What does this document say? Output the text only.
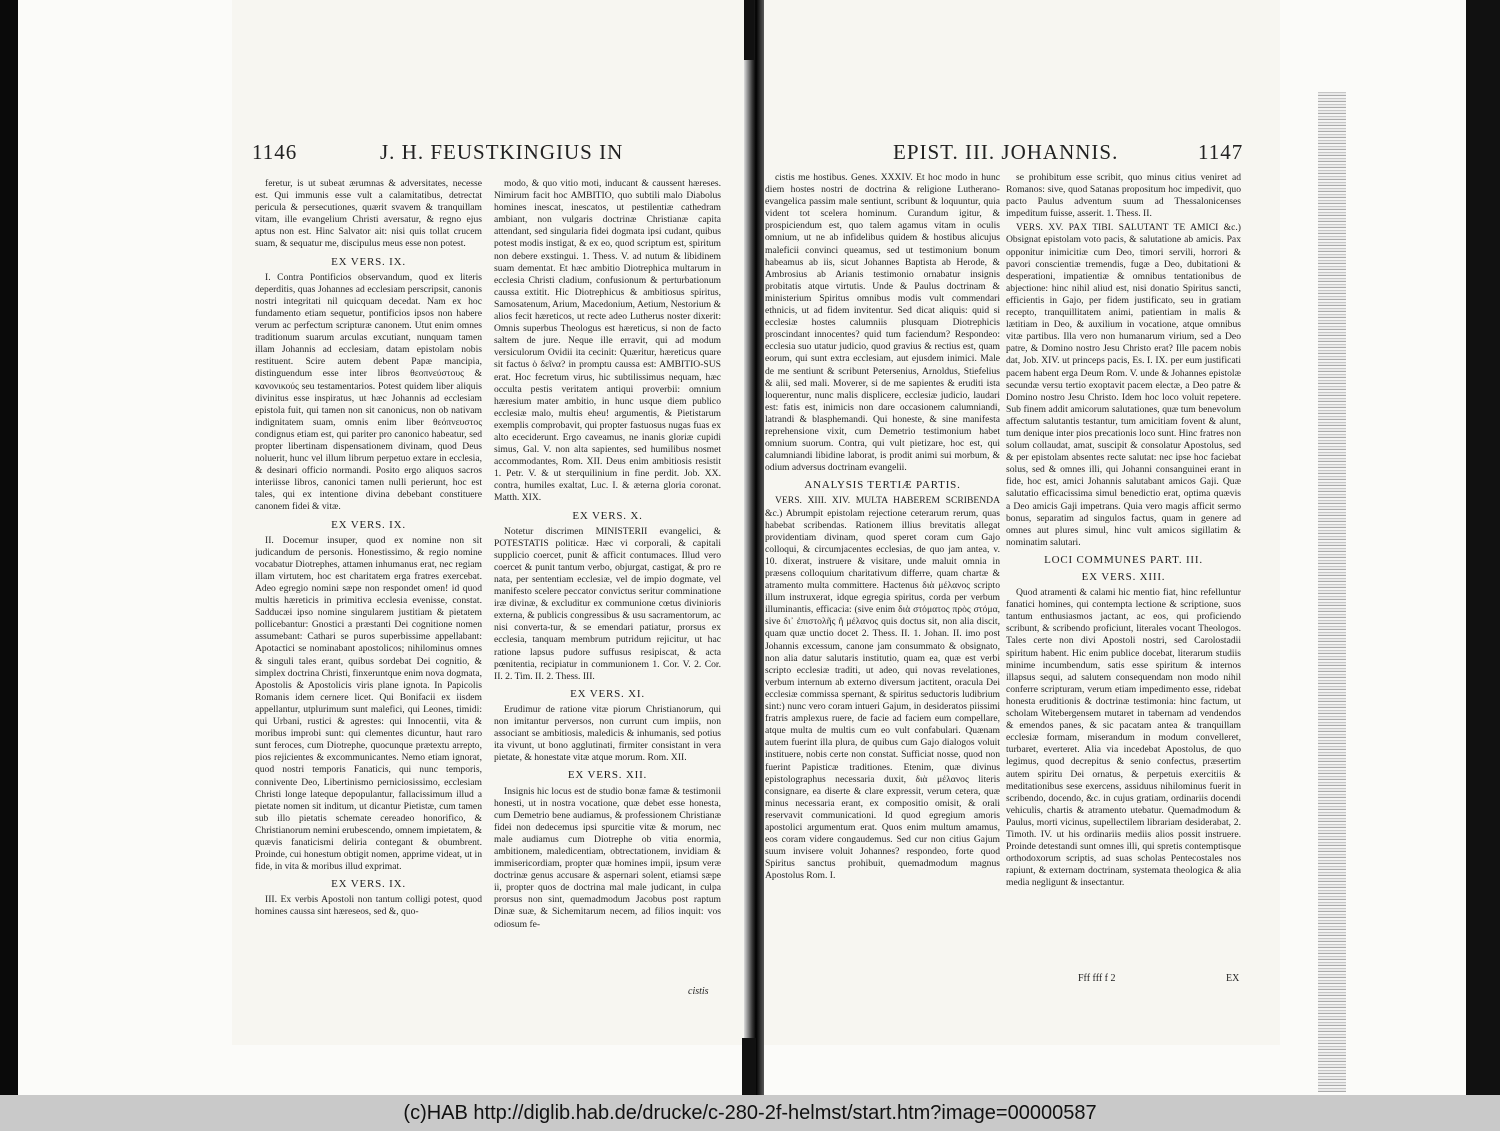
1146	J. H. FEUSTKINGIUS IN	EPIST. III. JOHANNIS.	1147

feretur, is ut subeat ærumnas & adversitates, necesse est. Qui immunis esse vult a calamitatibus, detrectat pericula & persecutiones, quærit svavem & tranquillam vitam, ille evangelium Christi aversatur, & regno ejus aptus non est. Hinc Salvator ait: nisi quis tollat crucem suam, & sequatur me, discipulus meus esse non potest.

EX VERS. IX.

I. Contra Pontificios observandum, quod ex literis deperditis, quas Johannes ad ecclesiam perscripsit, canonis nostri integritati nil quicquam decedat. Nam ex hoc fundamento etiam sequetur, pontificios ipsos non habere verum ac perfectum scripturæ canonem. Utut enim omnes traditionum suarum arculas excutiant, nunquam tamen illam Johannis ad ecclesiam, datam epistolam nobis restituent. Scire autem debent Papæ mancipia, distinguendum esse inter libros θεοπνεύστους & κανονικούς seu testamentarios. Potest quidem liber aliquis divinitus esse inspiratus, ut hæc Johannis ad ecclesiam epistola fuit, qui tamen non sit canonicus, non ob nativam indignitatem suam, omnis enim liber θεόπνευστος condignus etiam est, qui pariter pro canonico habeatur, sed propter libertinam dispensationem divinam, quod Deus noluerit, hunc vel illum librum perpetuo extare in ecclesia, & desinari officio normandi. Posito ergo aliquos sacros interiisse libros, canonici tamen nulli perierunt, hoc est tales, qui ex intentione divina debebant constituere canonem fidei & vitæ.

EX VERS. IX.

II. Docemur insuper, quod ex nomine non sit judicandum de personis. Honestissimo, & regio nomine vocabatur Diotrephes, attamen inhumanus erat, nec regiam illam virtutem, hoc est charitatem erga fratres exercebat. Adeo egregio nomini sæpe non respondet omen! id quod multis hæreticis in primitiva ecclesia evenisse, constat. Sadducæi ipso nomine singularem justitiam & pietatem pollicebantur: Gnostici a præstanti Dei cognitione nomen assumebant: Cathari se puros superbissime appellabant: Apotactici se nominabant apostolicos; nihilominus omnes & singuli tales erant, quibus sordebat Dei cognitio, & simplex doctrina Christi, finxeruntque enim nova dogmata, Apostolis & Apostolicis viris plane ignota. In Papicolis Romanis idem cernere licet. Qui Bonifacii ex iisdem appellantur, utplurimum sunt malefici, qui Leones, timidi: qui Urbani, rustici & agrestes: qui Innocentii, vita & moribus improbi sunt: qui clementes dicuntur, haut raro sunt feroces, cum Diotrephe, quocunque prætextu arrepto, pios rejicientes & excommunicantes. Nemo etiam ignorat, quod nostri temporis Fanaticis, qui nunc temporis, connivente Deo, Libertinismo perniciosissimo, ecclesiam Christi longe lateque depopulantur, fallacissimum illud a pietate nomen sit inditum, ut dicantur Pietistæ, cum tamen sub illo pietatis schemate cereadeo honorifico, & Christianorum nemini erubescendo, omnem impietatem, & quævis fanaticismi deliria contegant & obumbrent. Proinde, cui honestum obtigit nomen, apprime videat, ut in fide, in vita & moribus illud exprimat.

EX VERS. IX.

III. Ex verbis Apostoli non tantum colligi potest, quod homines caussa sint hæreseos, sed &, quo-

modo, & quo vitio moti, inducant & caussent hæreses. Nimirum facit hoc AMBITIO, quo subtili malo Diabolus homines inescat, inescatos, ut pestilentiæ cathedram ambiant, non vulgaris doctrinæ Christianæ capita attendant, sed singularia fidei dogmata ipsi cudant, quibus potest modis instigat, & ex eo, quod scriptum est, spiritum non debere exstingui. 1. Thess. V. ad nutum & libidinem suam dementat. Et hæc ambitio Diotrephica multarum in ecclesia Christi cladium, confusionum & perturbationum caussa extitit. Hic Diotrephicus & ambitiosus spiritus, Samosatenum, Arium, Macedonium, Aetium, Nestorium & alios fecit hæreticos, ut recte adeo Lutherus noster dixerit: Omnis superbus Theologus est hæreticus, si non de facto saltem de jure. Neque ille erravit, qui ad modum versiculorum Ovidii ita cecinit: Quæritur, hæreticus quare sit factus ὁ δεῖνα? in promptu caussa est: AMBITIO-SUS erat. Hoc fecretum virus, hic subtilissimus nequam, hæc occulta pestis veritatem antiqui proverbii: omnium hæresium mater ambitio, in hunc usque diem publico ecclesiæ malo, multis eheu! argumentis, & Pietistarum exemplis comprobavit, qui propter fastuosus nugas fuas ex alto ececiderunt. Ergo caveamus, ne inanis gloriæ cupidi simus, Gal. V. non alta sapientes, sed humilibus nosmet accommodantes, Rom. XII. Deus enim ambitiosis resistit 1. Petr. V. & ut sterquilinium in fine perdit. Job. XX. contra, humiles exaltat, Luc. I. & æterna gloria coronat. Matth. XIX.

EX VERS. X.

Notetur discrimen MINISTERII evangelici, & POTESTATIS politicæ. Hæc vi corporali, & capitali supplicio coercet, punit & afficit contumaces. Illud vero coercet & punit tantum verbo, objurgat, castigat, & pro re nata, per sententiam ecclesiæ, vel de impio dogmate, vel manifesto scelere peccator convictus seritur comminatione iræ divinæ, & excluditur ex communione cœtus divinioris externa, & publicis congressibus & usu sacramentorum, ac nisi converta-tur, & se emendari patiatur, prorsus ex ecclesia, tanquam membrum putridum rejicitur, ut hac ratione lapsus pudore suffusus resipiscat, & acta pœnitentia, recipiatur in communionem 1. Cor. V. 2. Cor. II. 2. Tim. II. 2. Thess. III.

EX VERS. XI.

Erudimur de ratione vitæ piorum Christianorum, qui non imitantur perversos, non currunt cum impiis, non associant se ambitiosis, maledicis & inhumanis, sed potius ita vivunt, ut bono agglutinati, firmiter consistant in vera pietate, & honestate vitæ atque morum. Rom. XII.

EX VERS. XII.

Insignis hic locus est de studio bonæ famæ & testimonii honesti, ut in nostra vocatione, quæ debet esse honesta, cum Demetrio bene audiamus, & professionem Christianæ fidei non dedecemus ipsi spurcitie vitæ & morum, nec male audiamus cum Diotrephe ob vitia enormia, ambitionem, maledicentiam, obtrectationem, invidiam & immisericordiam, propter quæ homines impii, ipsum veræ doctrinæ genus accusare & aspernari solent, etiamsi sæpe ii, propter quos de doctrina mal male judicant, in culpa prorsus non sint, quemadmodum Jacobus post raptum Dinæ suæ, & Sichemitarum necem, ad filios inquit: vos odiosum fe-

cistis me hostibus. Genes. XXXIV. Et hoc modo in hunc diem hostes nostri de doctrina & religione Lutherano-evangelica passim male sentiunt, scribunt & loquuntur, quia vident tot scelera hominum. Curandum igitur, & prospiciendum est, quo talem agamus vitam in oculis omnium, ut ne ab infidelibus quidem & hostibus alicujus maleficii convinci queamus, sed ut testimonium bonum habeamus ab iis, sicut Johannes Baptista ab Herode, & Ambrosius ab Arianis testimonio ornabatur insignis probitatis atque virtutis. Unde & Paulus doctrinam & ministerium Spiritus omnibus modis vult commendari ethnicis, ut ad fidem invitentur. Sed dicat aliquis: quid si ecclesiæ hostes calumniis plusquam Diotrephicis proscindant innocentes? quid tum faciendum? Respondeo: ecclesia suo utatur judicio, quod gravius & rectius est, quam eorum, qui sunt extra ecclesiam, aut ejusdem inimici. Male de me sentiunt & scribunt Petersenius, Arnoldus, Stiefelius & alii, sed mali. Moverer, si de me sapientes & eruditi ista loquerentur, nunc malis displicere, ecclesiæ judicio, laudari est: fatis est, inimicis non dare occasionem calumniandi, latrandi & blasphemandi. Qui honeste, & sine manifesta reprehensione vixit, cum Demetrio testimonium habet omnium suorum. Contra, qui vult pietizare, hoc est, qui calumniandi libidine laborat, is prodit animi sui morbum, & odium adversus doctrinam evangelii.

ANALYSIS TERTIÆ PARTIS.

VERS. XIII. XIV. MULTA HABEREM SCRIBENDA &c.) Abrumpit epistolam rejectione ceterarum rerum, quas habebat scribendas. Rationem illius brevitatis allegat providentiam divinam, quod speret coram cum Gajo colloqui, & circumjacentes ecclesias, de quo jam antea, v. 10. dixerat, instruere & visitare, unde maluit omnia in præsens colloquium charitativum differre, quam chartæ & atramento multa committere. Hactenus διὰ μέλανος scripto illum instruxerat, idque egregia spiritus, corda per verbum illuminantis, efficacia: (sive enim διὰ στόματος πρὸς στόμα, sive δι᾽ ἐπιστολῆς ἢ μέλανος quis doctus sit, non alia discit, quam quæ unctio docet 2. Thess. II. 1. Johan. II. imo post Johannis excessum, canone jam consummato & obsignato, non alia datur salutaris institutio, quam ea, quæ est verbi scripto ecclesiæ traditi, ut adeo, qui novas revelationes, verbum internum ab externo diversum jactitent, oracula Dei ecclesiæ commissa spernant, & spiritus seductoris ludibrium sint:) nunc vero coram intueri Gajum, in desideratos piissimi fratris amplexus ruere, de facie ad faciem eum compellare, atque multa de multis cum eo vult confabulari. Quænam autem fuerint illa plura, de quibus cum Gajo dialogos voluit instituere, nobis certe non constat. Sufficiat nosse, quod non fuerint Papisticæ traditiones. Etenim, quæ divinus epistolographus necessaria duxit, διὰ μέλανος literis consignare, ea diserte & clare expressit, verum cetera, quæ minus necessaria erant, ex compositio omisit, & orali reservavit communicationi. Id quod egregium amoris apostolici argumentum erat. Quos enim multum amamus, eos coram videre congaudemus. Sed cur non citius Gajum suum invisere voluit Johannes? respondeo, forte quod Spiritus sanctus prohibuit, quemadmodum magnus Apostolus Rom. I.

se prohibitum esse scribit, quo minus citius veniret ad Romanos: sive, quod Satanas propositum hoc impedivit, quo pacto Paulus adventum suum ad Thessalonicenses impeditum fuisse, asserit. 1. Thess. II.

VERS. XV. PAX TIBI. SALUTANT TE AMICI &c.) Obsignat epistolam voto pacis, & salutatione ab amicis. Pax opponitur inimicitiæ cum Deo, timori servili, horrori & pavori conscientiæ tremendis, fugæ a Deo, dubitationi & desperationi, impatientiæ & omnibus tentationibus de abjectione: hinc nihil aliud est, nisi donatio Spiritus sancti, efficientis in Gajo, per fidem justificato, seu in gratiam recepto, tranquillitatem animi, patientiam in malis & lætitiam in Deo, & auxilium in vocatione, atque omnibus vitæ partibus. Illa vero non humanarum virium, sed a Deo patre, & Domino nostro Jesu Christo erat? Ille pacem nobis dat, Job. XIV. ut princeps pacis, Es. I. IX. per eum justificati pacem habent erga Deum Rom. V. unde & Johannes epistolæ secundæ versu tertio exoptavit pacem electæ, a Deo patre & Domino nostro Jesu Christo. Idem hoc loco voluit repetere. Sub finem addit amicorum salutationes, quæ tum benevolum affectum salutantis testantur, tum amicitiam fovent & alunt, tum denique inter pios precationis loco sunt. Hinc fratres non solum collaudat, amat, suscipit & consolatur Apostolus, sed & per epistolam absentes recte salutat: nec ipse hoc faciebat solus, sed & omnes illi, qui Johanni consanguinei erant in fide, hoc est, amici Johannis salutabant amicos Gaji. Quæ salutatio efficacissima simul benedictio erat, optima quævis a Deo amicis Gaji impetrans. Quia vero magis afficit sermo bonus, separatim ad singulos factus, quam in genere ad omnes aut plures simul, hinc vult amicos sigillatim & nominatim salutari.

LOCI COMMUNES PART. III.
EX VERS. XIII.

Quod atramenti & calami hic mentio fiat, hinc refelluntur fanatici homines, qui contempta lectione & scriptione, suos tantum enthusiasmos jactant, ac eos, qui proficiendo scribunt, & scribendo proficiunt, literales vocant Theologos. Tales certe non divi Apostoli nostri, sed Carolostadii spiritum habent. Hic enim publice docebat, literarum studiis minime incumbendum, satis esse spiritum & internos illapsus sequi, ad salutem consequendam non modo nihil conferre scripturam, verum etiam impedimento esse, ridebat honesta eruditionis & doctrinæ testimonia: hinc factum, ut scholam Witebergensem mutaret in tabernam ad vendendos & emendos panes, & sic pacatam antea & tranquillam ecclesiæ formam, miserandum in modum convelleret, turbaret, everteret. Alia via incedebat Apostolus, de quo legimus, quod decrepitus & senio confectus, præsertim autem spiritu Dei ornatus, & perpetuis exercitiis & meditationibus sese exercens, assiduus nihilominus fuerit in scribendo, docendo, &c. in cujus gratiam, ordinariis docendi vehiculis, chartis & atramento utebatur. Quemadmodum & Paulus, morti vicinus, supellectilem librariam desiderabat, 2. Timoth. IV. ut his ordinariis mediis alios possit instruere. Proinde detestandi sunt omnes illi, qui spretis contemptisque orthodoxorum scriptis, ad suas scholas Pentecostales nos rapiunt, & externam doctrinam, systemata theologica & alia media negligunt & insectantur.

cistis
Fff fff f 2	EX
(c)HAB http://diglib.hab.de/drucke/c-280-2f-helmst/start.htm?image=00000587
